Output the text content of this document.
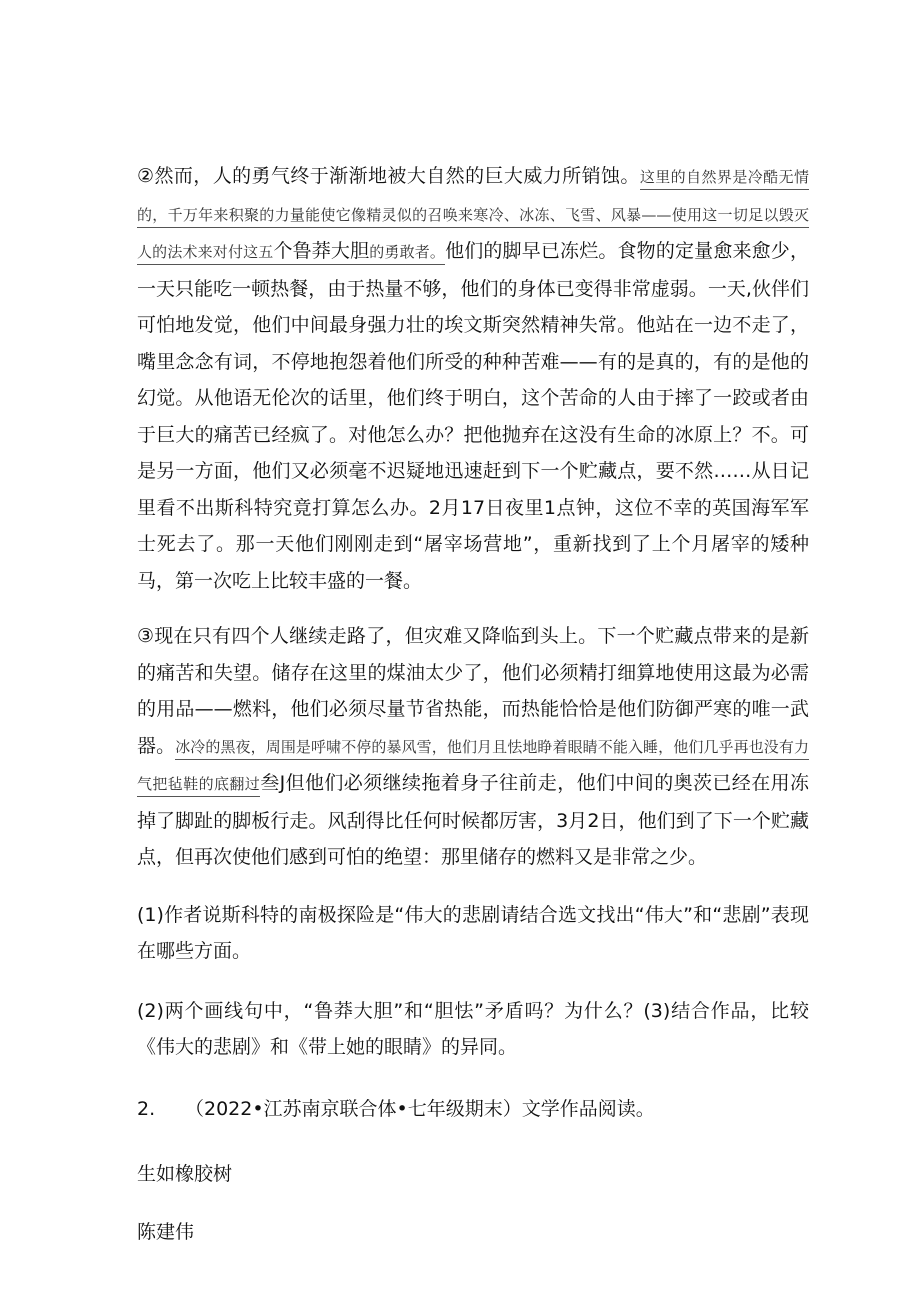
②然而，人的勇气终于渐渐地被大自然的巨大威力所销蚀。这里的自然界是冷酷无情的，千万年来积聚的力量能使它像精灵似的召唤来寒冷、冰冻、飞雪、风暴——使用这一切足以毁灭人的法术来对付这五个鲁莽大胆的勇敢者。他们的脚早已冻烂。食物的定量愈来愈少，一天只能吃一顿热餐，由于热量不够，他们的身体已变得非常虚弱。一天,伙伴们可怕地发觉，他们中间最身强力壮的埃文斯突然精神失常。他站在一边不走了，嘴里念念有词，不停地抱怨着他们所受的种种苦难——有的是真的，有的是他的幻觉。从他语无伦次的话里，他们终于明白，这个苦命的人由于摔了一跤或者由于巨大的痛苦已经疯了。对他怎么办？把他抛弃在这没有生命的冰原上？不。可是另一方面，他们又必须毫不迟疑地迅速赶到下一个贮藏点，要不然……从日记里看不出斯科特究竟打算怎么办。2月17日夜里1点钟，这位不幸的英国海军军士死去了。那一天他们刚刚走到“屠宰场营地”，重新找到了上个月屠宰的矮种马，第一次吃上比较丰盛的一餐。

③现在只有四个人继续走路了，但灾难又降临到头上。下一个贮藏点带来的是新的痛苦和失望。储存在这里的煤油太少了，他们必须精打细算地使用这最为必需的用品——燃料，他们必须尽量节省热能，而热能恰恰是他们防御严寒的唯一武器。冰冷的黑夜，周围是呼啸不停的暴风雪，他们月且怯地睁着眼睛不能入睡，他们几乎再也没有力气把毡鞋的底翻过叁J但他们必须继续拖着身子往前走，他们中间的奥茨已经在用冻掉了脚趾的脚板行走。风刮得比任何时候都厉害，3月2日，他们到了下一个贮藏点，但再次使他们感到可怕的绝望：那里储存的燃料又是非常之少。

(1)作者说斯科特的南极探险是“伟大的悲剧请结合选文找出“伟大”和“悲剧”表现在哪些方面。

(2)两个画线句中，“鲁莽大胆”和“胆怯”矛盾吗？为什么？(3)结合作品，比较《伟大的悲剧》和《带上她的眼睛》的异同。

2. （2022•江苏南京联合体•七年级期末）文学作品阅读。
生如橡胶树
陈建伟
